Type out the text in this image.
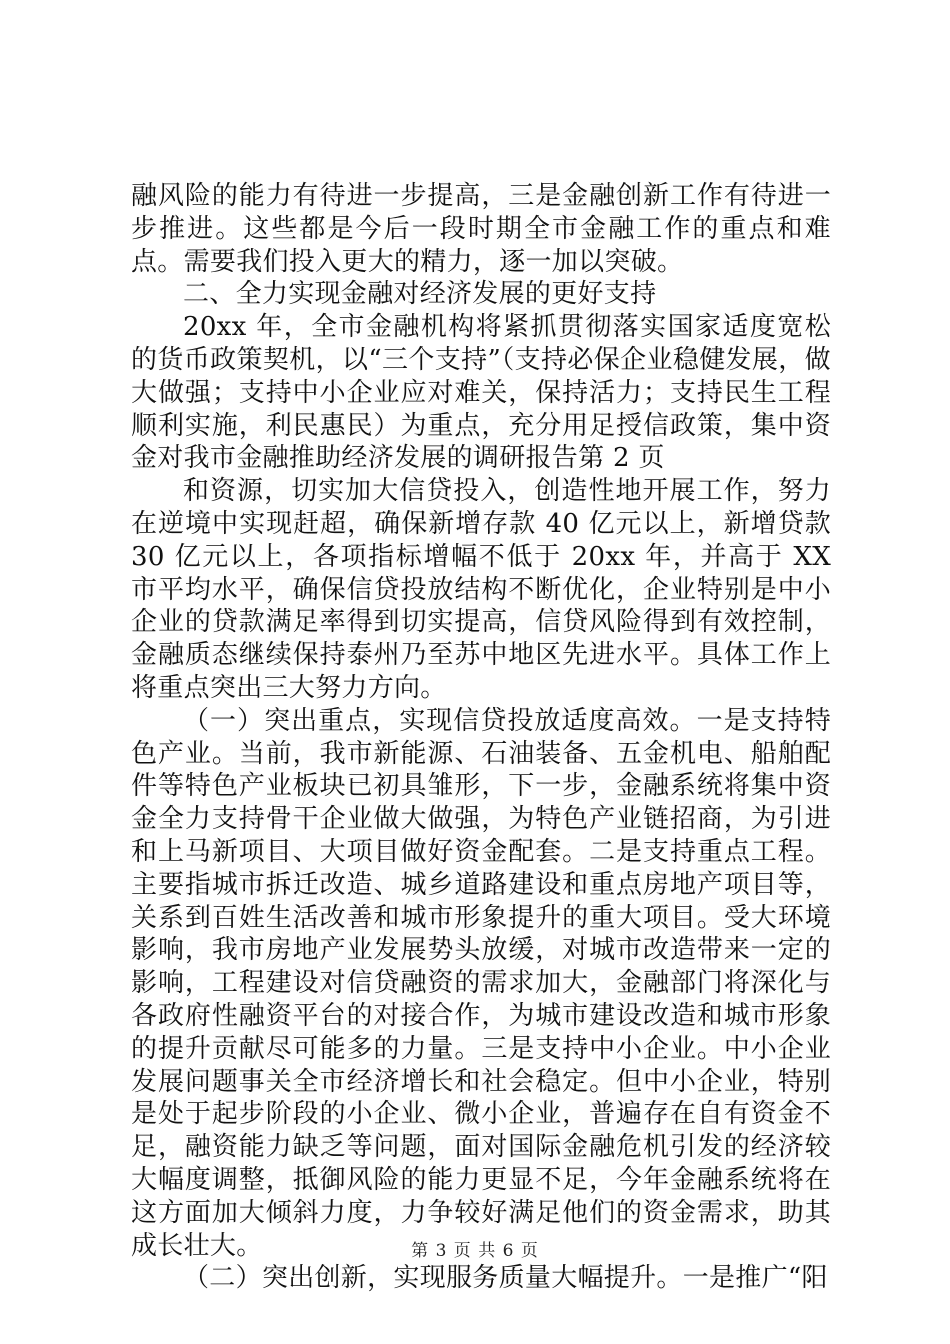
融风险的能力有待进一步提高，三是金融创新工作有待进一步推进。这些都是今后一段时期全市金融工作的重点和难点。需要我们投入更大的精力，逐一加以突破。

二、全力实现金融对经济发展的更好支持

20xx 年，全市金融机构将紧抓贯彻落实国家适度宽松的货币政策契机，以“三个支持”（支持必保企业稳健发展，做大做强；支持中小企业应对难关，保持活力；支持民生工程顺利实施，利民惠民）为重点，充分用足授信政策，集中资金对我市金融推助经济发展的调研报告第 2 页

和资源，切实加大信贷投入，创造性地开展工作，努力在逆境中实现赶超，确保新增存款 40 亿元以上，新增贷款 30 亿元以上，各项指标增幅不低于 20xx 年，并高于 XX 市平均水平，确保信贷投放结构不断优化，企业特别是中小企业的贷款满足率得到切实提高，信贷风险得到有效控制，金融质态继续保持泰州乃至苏中地区先进水平。具体工作上将重点突出三大努力方向。

（一）突出重点，实现信贷投放适度高效。一是支持特色产业。当前，我市新能源、石油装备、五金机电、船舶配件等特色产业板块已初具雏形，下一步，金融系统将集中资金全力支持骨干企业做大做强，为特色产业链招商，为引进和上马新项目、大项目做好资金配套。二是支持重点工程。主要指城市拆迁改造、城乡道路建设和重点房地产项目等，关系到百姓生活改善和城市形象提升的重大项目。受大环境影响，我市房地产业发展势头放缓，对城市改造带来一定的影响，工程建设对信贷融资的需求加大，金融部门将深化与各政府性融资平台的对接合作，为城市建设改造和城市形象的提升贡献尽可能多的力量。三是支持中小企业。中小企业发展问题事关全市经济增长和社会稳定。但中小企业，特别是处于起步阶段的小企业、微小企业，普遍存在自有资金不足，融资能力缺乏等问题，面对国际金融危机引发的经济较大幅度调整，抵御风险的能力更显不足，今年金融系统将在这方面加大倾斜力度，力争较好满足他们的资金需求，助其成长壮大。

（二）突出创新，实现服务质量大幅提升。一是推广“阳

第 3 页 共 6 页
